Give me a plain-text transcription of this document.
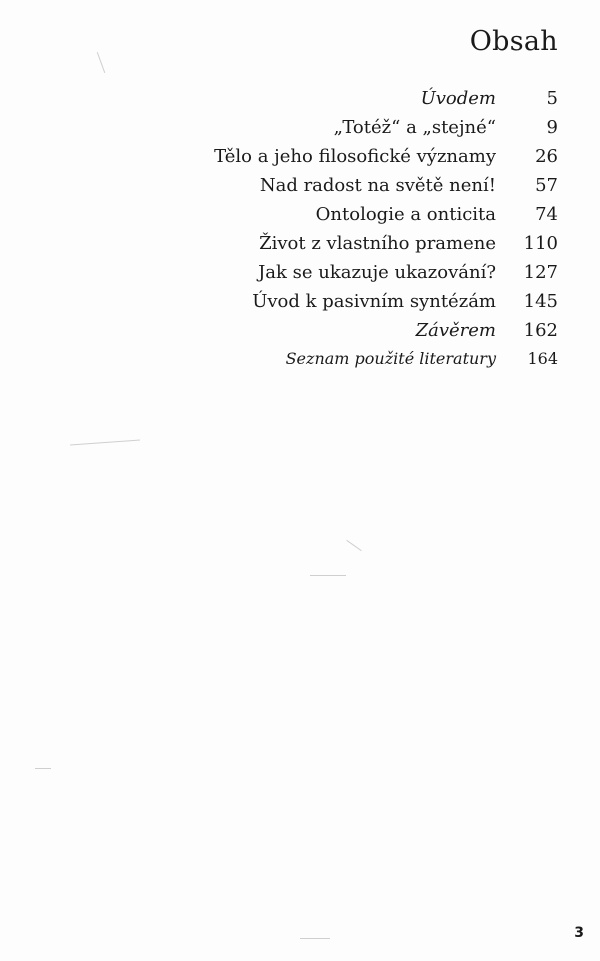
Obsah
Úvodem	5
„Totéž“ a „stejné“	9
Tělo a jeho filosofické významy	26
Nad radost na světě není!	57
Ontologie a onticita	74
Život z vlastního pramene	110
Jak se ukazuje ukazování?	127
Úvod k pasivním syntézám	145
Závěrem	162
Seznam použité literatury	164
3
